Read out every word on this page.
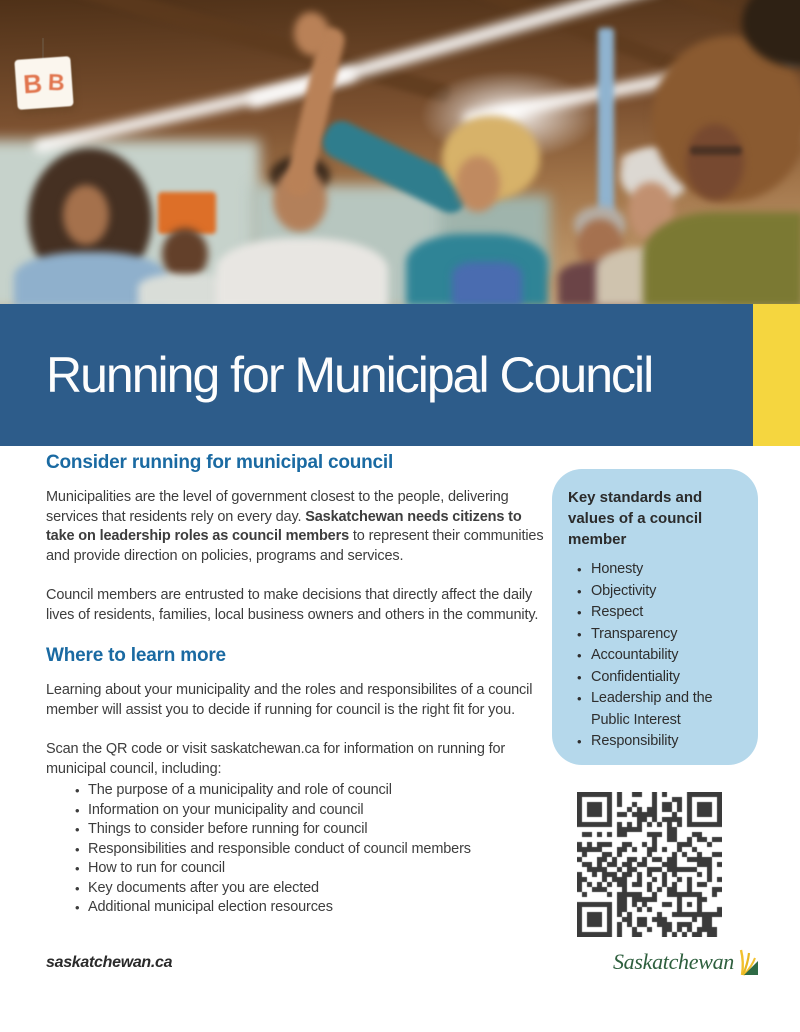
B B
Running for Municipal Council
Consider running for municipal council

Municipalities are the level of government closest to the people, delivering services that residents rely on every day. Saskatchewan needs citizens to take on leadership roles as council members to represent their communities and provide direction on policies, programs and services.

Council members are entrusted to make decisions that directly affect the daily lives of residents, families, local business owners and others in the community.

Where to learn more

Learning about your municipality and the roles and responsibilites of a council member will assist you to decide if running for council is the right fit for you.

Scan the QR code or visit saskatchewan.ca for information on running for municipal council, including:

• The purpose of a municipality and role of council
• Information on your municipality and council
• Things to consider before running for council
• Responsibilities and responsible conduct of council members
• How to run for council
• Key documents after you are elected
• Additional municipal election resources
Key standards and values of a council member
• Honesty
• Objectivity
• Respect
• Transparency
• Accountability
• Confidentiality
• Leadership and the Public Interest
• Responsibility
saskatchewan.ca	Saskatchewan
